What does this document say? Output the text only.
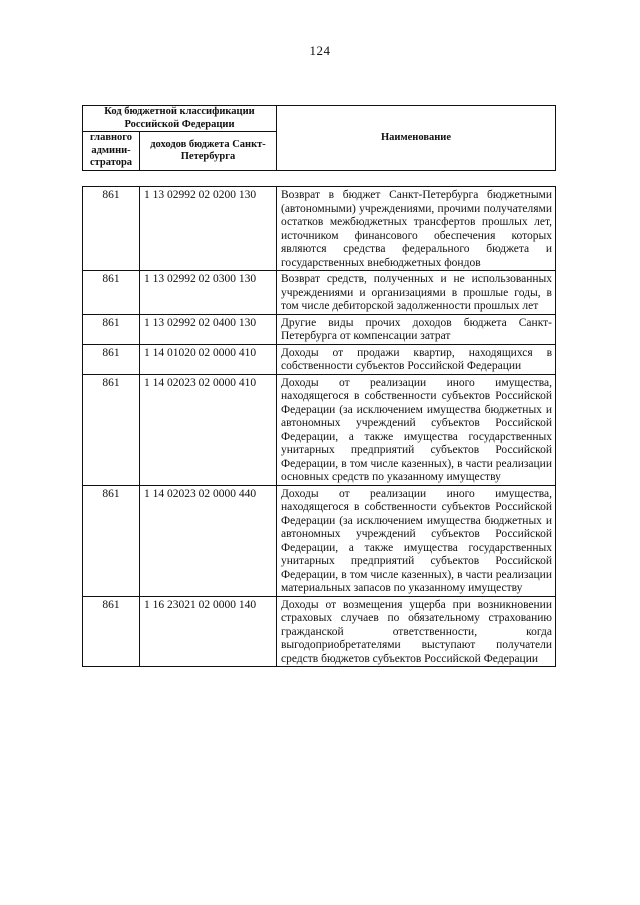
124
Код бюджетной классификации Российской Федерации		Наименование
главного админи-стратора	доходов бюджета Санкт-Петербурга	
861	1 13 02992 02 0200 130	Возврат в бюджет Санкт-Петербурга бюджетными (автономными) учреждениями, прочими получателями остатков межбюджетных трансфертов прошлых лет, источником финансового обеспечения которых являются средства федерального бюджета и государственных внебюджетных фондов
861	1 13 02992 02 0300 130	Возврат средств, полученных и не использованных учреждениями и организациями в прошлые годы, в том числе дебиторской задолженности прошлых лет
861	1 13 02992 02 0400 130	Другие виды прочих доходов бюджета Санкт-Петербурга от компенсации затрат
861	1 14 01020 02 0000 410	Доходы от продажи квартир, находящихся в собственности субъектов Российской Федерации
861	1 14 02023 02 0000 410	Доходы от реализации иного имущества, находящегося в собственности субъектов Российской Федерации (за исключением имущества бюджетных и автономных учреждений субъектов Российской Федерации, а также имущества государственных унитарных предприятий субъектов Российской Федерации, в том числе казенных), в части реализации основных средств по указанному имуществу
861	1 14 02023 02 0000 440	Доходы от реализации иного имущества, находящегося в собственности субъектов Российской Федерации (за исключением имущества бюджетных и автономных учреждений субъектов Российской Федерации, а также имущества государственных унитарных предприятий субъектов Российской Федерации, в том числе казенных), в части реализации материальных запасов по указанному имуществу
861	1 16 23021 02 0000 140	Доходы от возмещения ущерба при возникновении страховых случаев по обязательному страхованию гражданской ответственности, когда выгодоприобретателями выступают получатели средств бюджетов субъектов Российской Федерации
